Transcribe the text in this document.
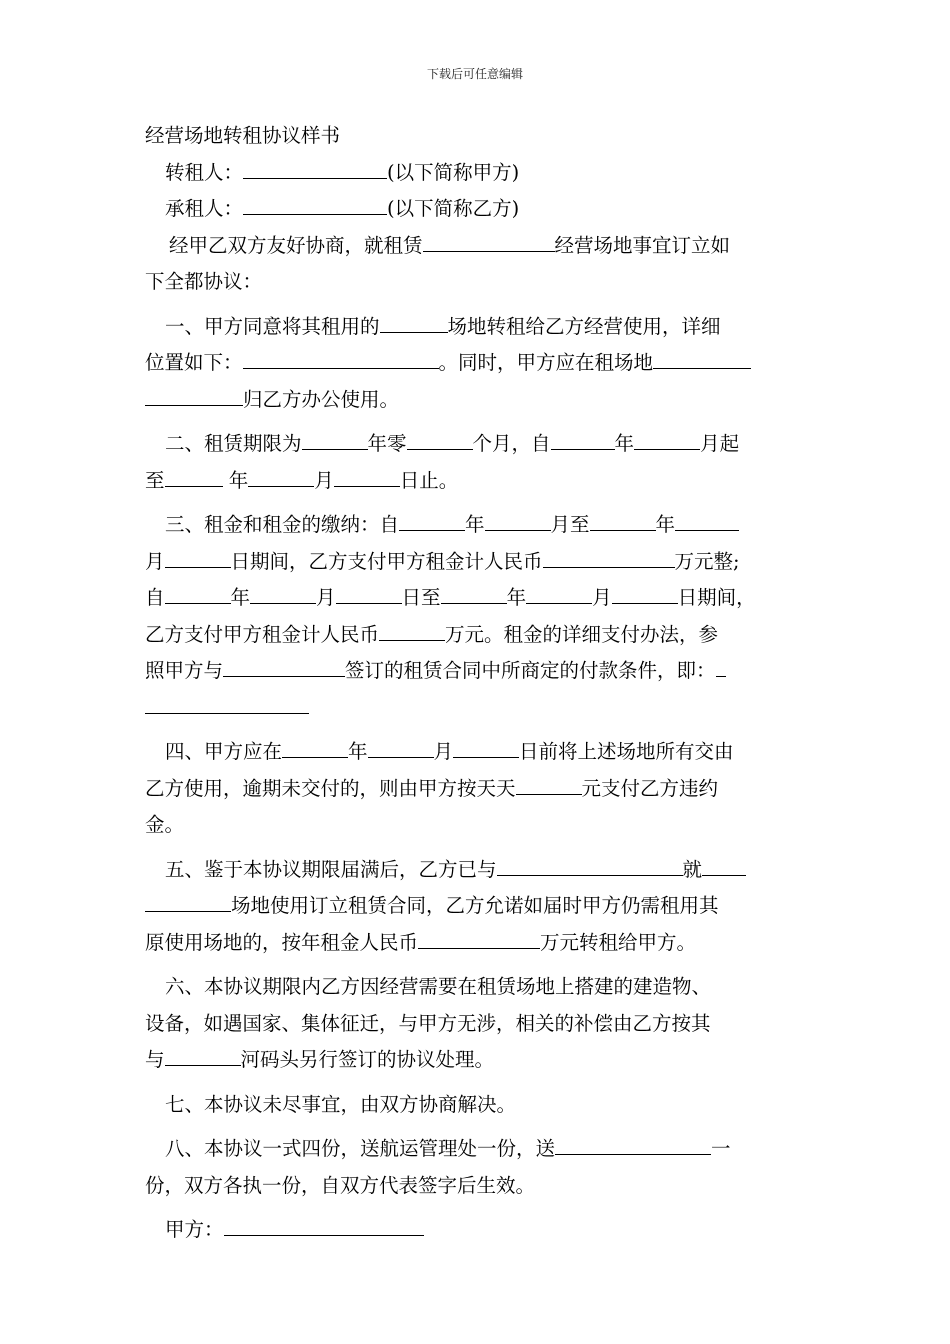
下载后可任意编辑
经营场地转租协议样书
转租人：	(以下简称甲方)
承租人：	(以下简称乙方)
经甲乙双方友好协商，就租赁	经营场地事宜订立如
下全都协议：
一、甲方同意将其租用的	场地转租给乙方经营使用，详细
位置如下：	。同时，甲方应在租场地
归乙方办公使用。
二、租赁期限为	年零	个月，自	年	月起
至	年	月	日止。
三、租金和租金的缴纳：自	年	月至	年
月	日期间，乙方支付甲方租金计人民币	万元整;
自	年	月	日至	年	月	日期间，
乙方支付甲方租金计人民币	万元。租金的详细支付办法，参
照甲方与	签订的租赁合同中所商定的付款条件，即：
四、甲方应在	年	月	日前将上述场地所有交由
乙方使用，逾期未交付的，则由甲方按天天	元支付乙方违约
金。
五、鉴于本协议期限届满后，乙方已与	就
场地使用订立租赁合同，乙方允诺如届时甲方仍需租用其
原使用场地的，按年租金人民币	万元转租给甲方。
六、本协议期限内乙方因经营需要在租赁场地上搭建的建造物、
设备，如遇国家、集体征迁，与甲方无涉，相关的补偿由乙方按其
与	河码头另行签订的协议处理。
七、本协议未尽事宜，由双方协商解决。
八、本协议一式四份，送航运管理处一份，送	一
份，双方各执一份，自双方代表签字后生效。
甲方：
